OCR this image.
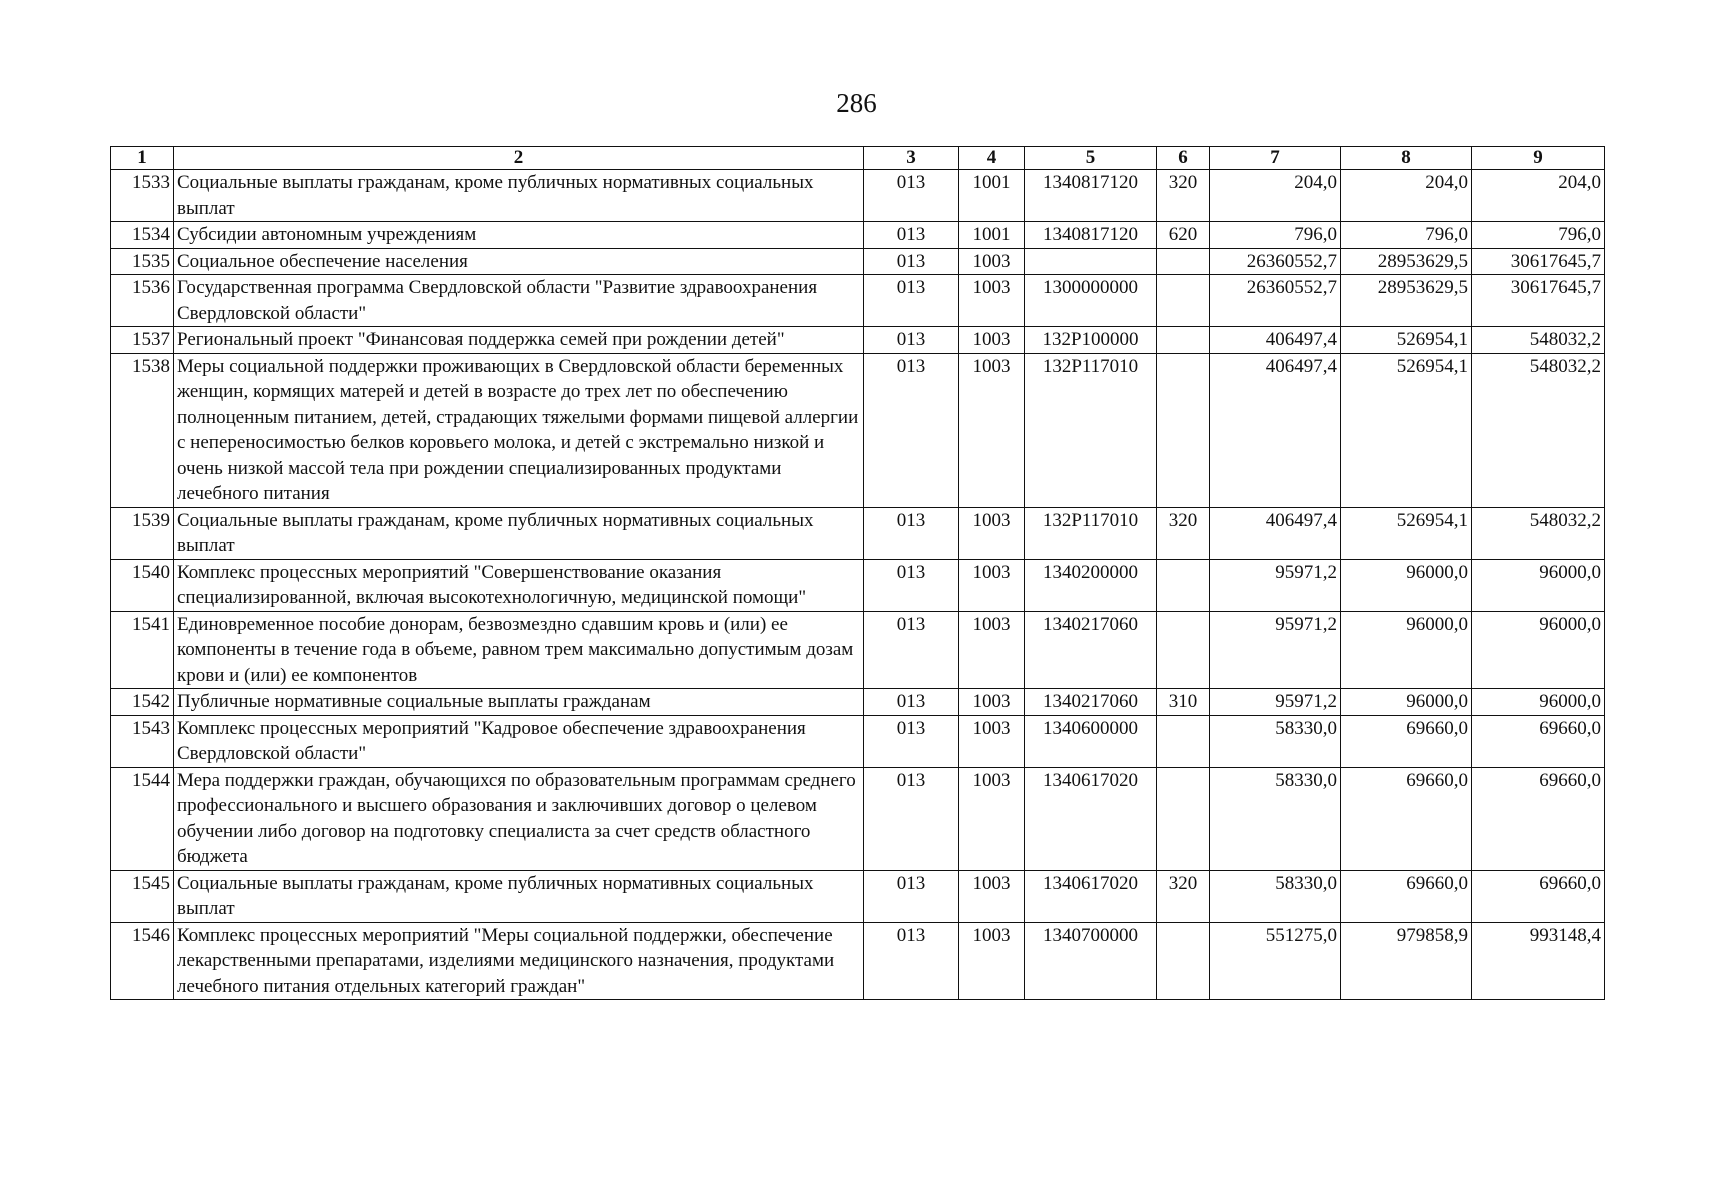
286
1	2	3	4	5	6	7	8	9
1533	Социальные выплаты гражданам, кроме публичных нормативных социальных выплат	013	1001	1340817120	320	204,0	204,0	204,0
1534	Субсидии автономным учреждениям	013	1001	1340817120	620	796,0	796,0	796,0
1535	Социальное обеспечение населения	013	1003			26360552,7	28953629,5	30617645,7
1536	Государственная программа Свердловской области "Развитие здравоохранения Свердловской области"	013	1003	1300000000		26360552,7	28953629,5	30617645,7
1537	Региональный проект "Финансовая поддержка семей при рождении детей"	013	1003	132P100000		406497,4	526954,1	548032,2
1538	Меры социальной поддержки проживающих в Свердловской области беременных женщин, кормящих матерей и детей в возрасте до трех лет по обеспечению полноценным питанием, детей, страдающих тяжелыми формами пищевой аллергии с непереносимостью белков коровьего молока, и детей с экстремально низкой и очень низкой массой тела при рождении специализированных продуктами лечебного питания	013	1003	132P117010		406497,4	526954,1	548032,2
1539	Социальные выплаты гражданам, кроме публичных нормативных социальных выплат	013	1003	132P117010	320	406497,4	526954,1	548032,2
1540	Комплекс процессных мероприятий "Совершенствование оказания специализированной, включая высокотехнологичную, медицинской помощи"	013	1003	1340200000		95971,2	96000,0	96000,0
1541	Единовременное пособие донорам, безвозмездно сдавшим кровь и (или) ее компоненты в течение года в объеме, равном трем максимально допустимым дозам крови и (или) ее компонентов	013	1003	1340217060		95971,2	96000,0	96000,0
1542	Публичные нормативные социальные выплаты гражданам	013	1003	1340217060	310	95971,2	96000,0	96000,0
1543	Комплекс процессных мероприятий "Кадровое обеспечение здравоохранения Свердловской области"	013	1003	1340600000		58330,0	69660,0	69660,0
1544	Мера поддержки граждан, обучающихся по образовательным программам среднего профессионального и высшего образования и заключивших договор о целевом обучении либо договор на подготовку специалиста за счет средств областного бюджета	013	1003	1340617020		58330,0	69660,0	69660,0
1545	Социальные выплаты гражданам, кроме публичных нормативных социальных выплат	013	1003	1340617020	320	58330,0	69660,0	69660,0
1546	Комплекс процессных мероприятий "Меры социальной поддержки, обеспечение лекарственными препаратами, изделиями медицинского назначения, продуктами лечебного питания отдельных категорий граждан"	013	1003	1340700000		551275,0	979858,9	993148,4
